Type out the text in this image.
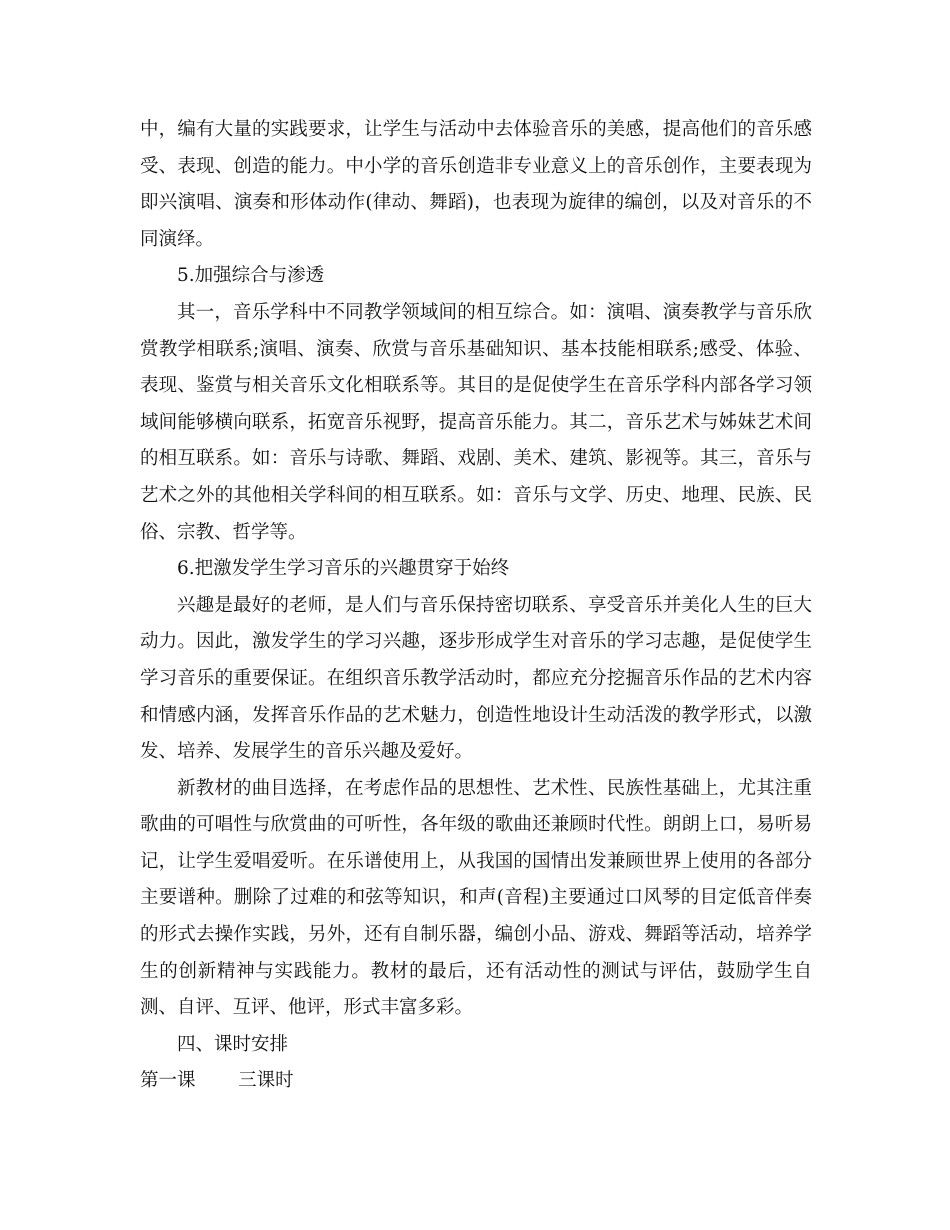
中，编有大量的实践要求，让学生与活动中去体验音乐的美感，提高他们的音乐感受、表现、创造的能力。中小学的音乐创造非专业意义上的音乐创作，主要表现为即兴演唱、演奏和形体动作(律动、舞蹈)，也表现为旋律的编创，以及对音乐的不同演绎。

5.加强综合与渗透

其一，音乐学科中不同教学领域间的相互综合。如：演唱、演奏教学与音乐欣赏教学相联系;演唱、演奏、欣赏与音乐基础知识、基本技能相联系;感受、体验、表现、鉴赏与相关音乐文化相联系等。其目的是促使学生在音乐学科内部各学习领域间能够横向联系，拓宽音乐视野，提高音乐能力。其二，音乐艺术与姊妹艺术间的相互联系。如：音乐与诗歌、舞蹈、戏剧、美术、建筑、影视等。其三，音乐与艺术之外的其他相关学科间的相互联系。如：音乐与文学、历史、地理、民族、民俗、宗教、哲学等。

6.把激发学生学习音乐的兴趣贯穿于始终

兴趣是最好的老师，是人们与音乐保持密切联系、享受音乐并美化人生的巨大动力。因此，激发学生的学习兴趣，逐步形成学生对音乐的学习志趣，是促使学生学习音乐的重要保证。在组织音乐教学活动时，都应充分挖掘音乐作品的艺术内容和情感内涵，发挥音乐作品的艺术魅力，创造性地设计生动活泼的教学形式，以激发、培养、发展学生的音乐兴趣及爱好。

新教材的曲目选择，在考虑作品的思想性、艺术性、民族性基础上，尤其注重歌曲的可唱性与欣赏曲的可听性，各年级的歌曲还兼顾时代性。朗朗上口，易听易记，让学生爱唱爱听。在乐谱使用上，从我国的国情出发兼顾世界上使用的各部分主要谱种。删除了过难的和弦等知识，和声(音程)主要通过口风琴的目定低音伴奏的形式去操作实践，另外，还有自制乐器，编创小品、游戏、舞蹈等活动，培养学生的创新精神与实践能力。教材的最后，还有活动性的测试与评估，鼓励学生自测、自评、互评、他评，形式丰富多彩。

四、课时安排

第一课 三课时
